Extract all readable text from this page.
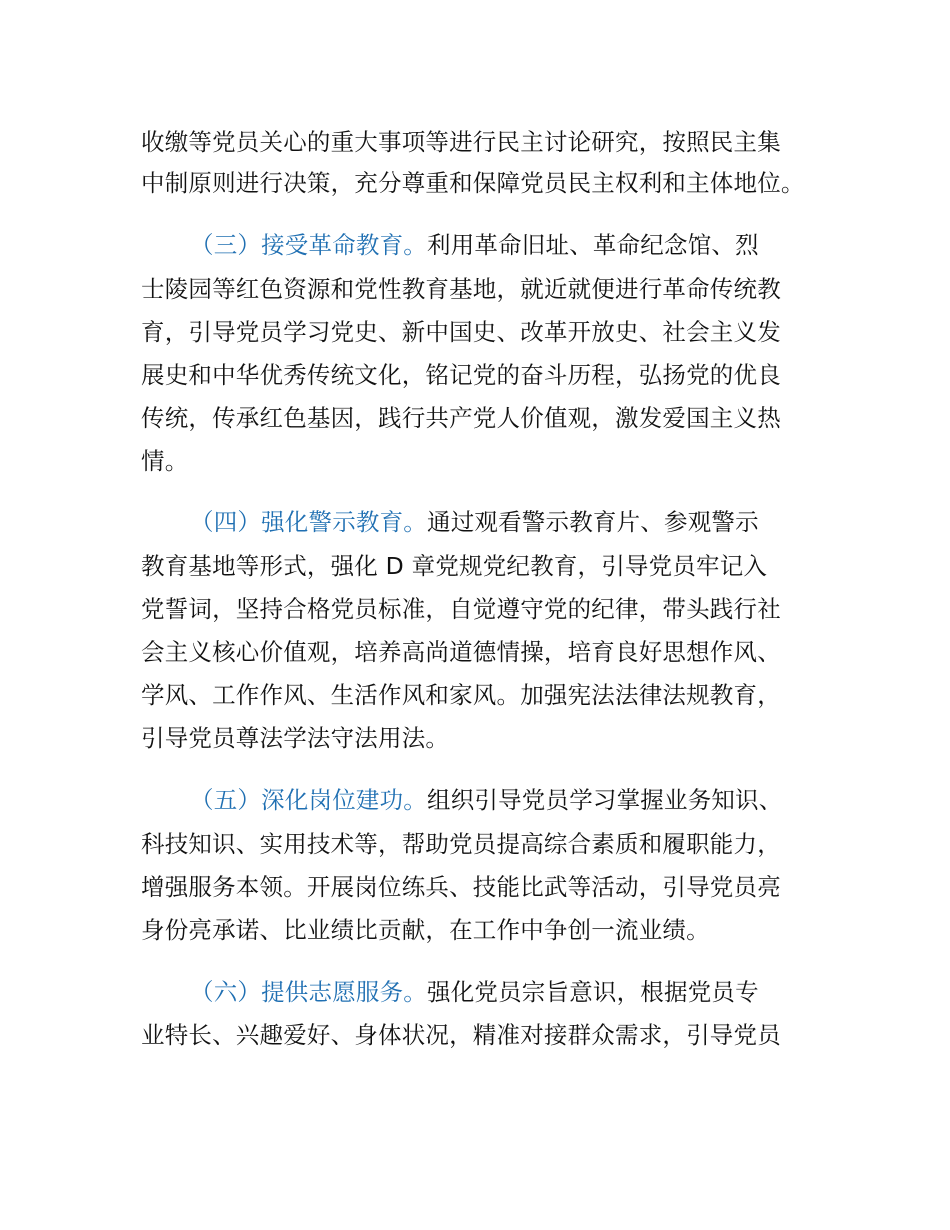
收缴等党员关心的重大事项等进行民主讨论研究，按照民主集
中制原则进行决策，充分尊重和保障党员民主权利和主体地位。
（三）接受革命教育。利用革命旧址、革命纪念馆、烈
士陵园等红色资源和党性教育基地，就近就便进行革命传统教
育，引导党员学习党史、新中国史、改革开放史、社会主义发
展史和中华优秀传统文化，铭记党的奋斗历程，弘扬党的优良
传统，传承红色基因，践行共产党人价值观，激发爱国主义热
情。
（四）强化警示教育。通过观看警示教育片、参观警示
教育基地等形式，强化 D 章党规党纪教育，引导党员牢记入
党誓词，坚持合格党员标准，自觉遵守党的纪律，带头践行社
会主义核心价值观，培养高尚道德情操，培育良好思想作风、
学风、工作作风、生活作风和家风。加强宪法法律法规教育，
引导党员尊法学法守法用法。
（五）深化岗位建功。组织引导党员学习掌握业务知识、
科技知识、实用技术等，帮助党员提高综合素质和履职能力，
增强服务本领。开展岗位练兵、技能比武等活动，引导党员亮
身份亮承诺、比业绩比贡献，在工作中争创一流业绩。
（六）提供志愿服务。强化党员宗旨意识，根据党员专
业特长、兴趣爱好、身体状况，精准对接群众需求，引导党员
